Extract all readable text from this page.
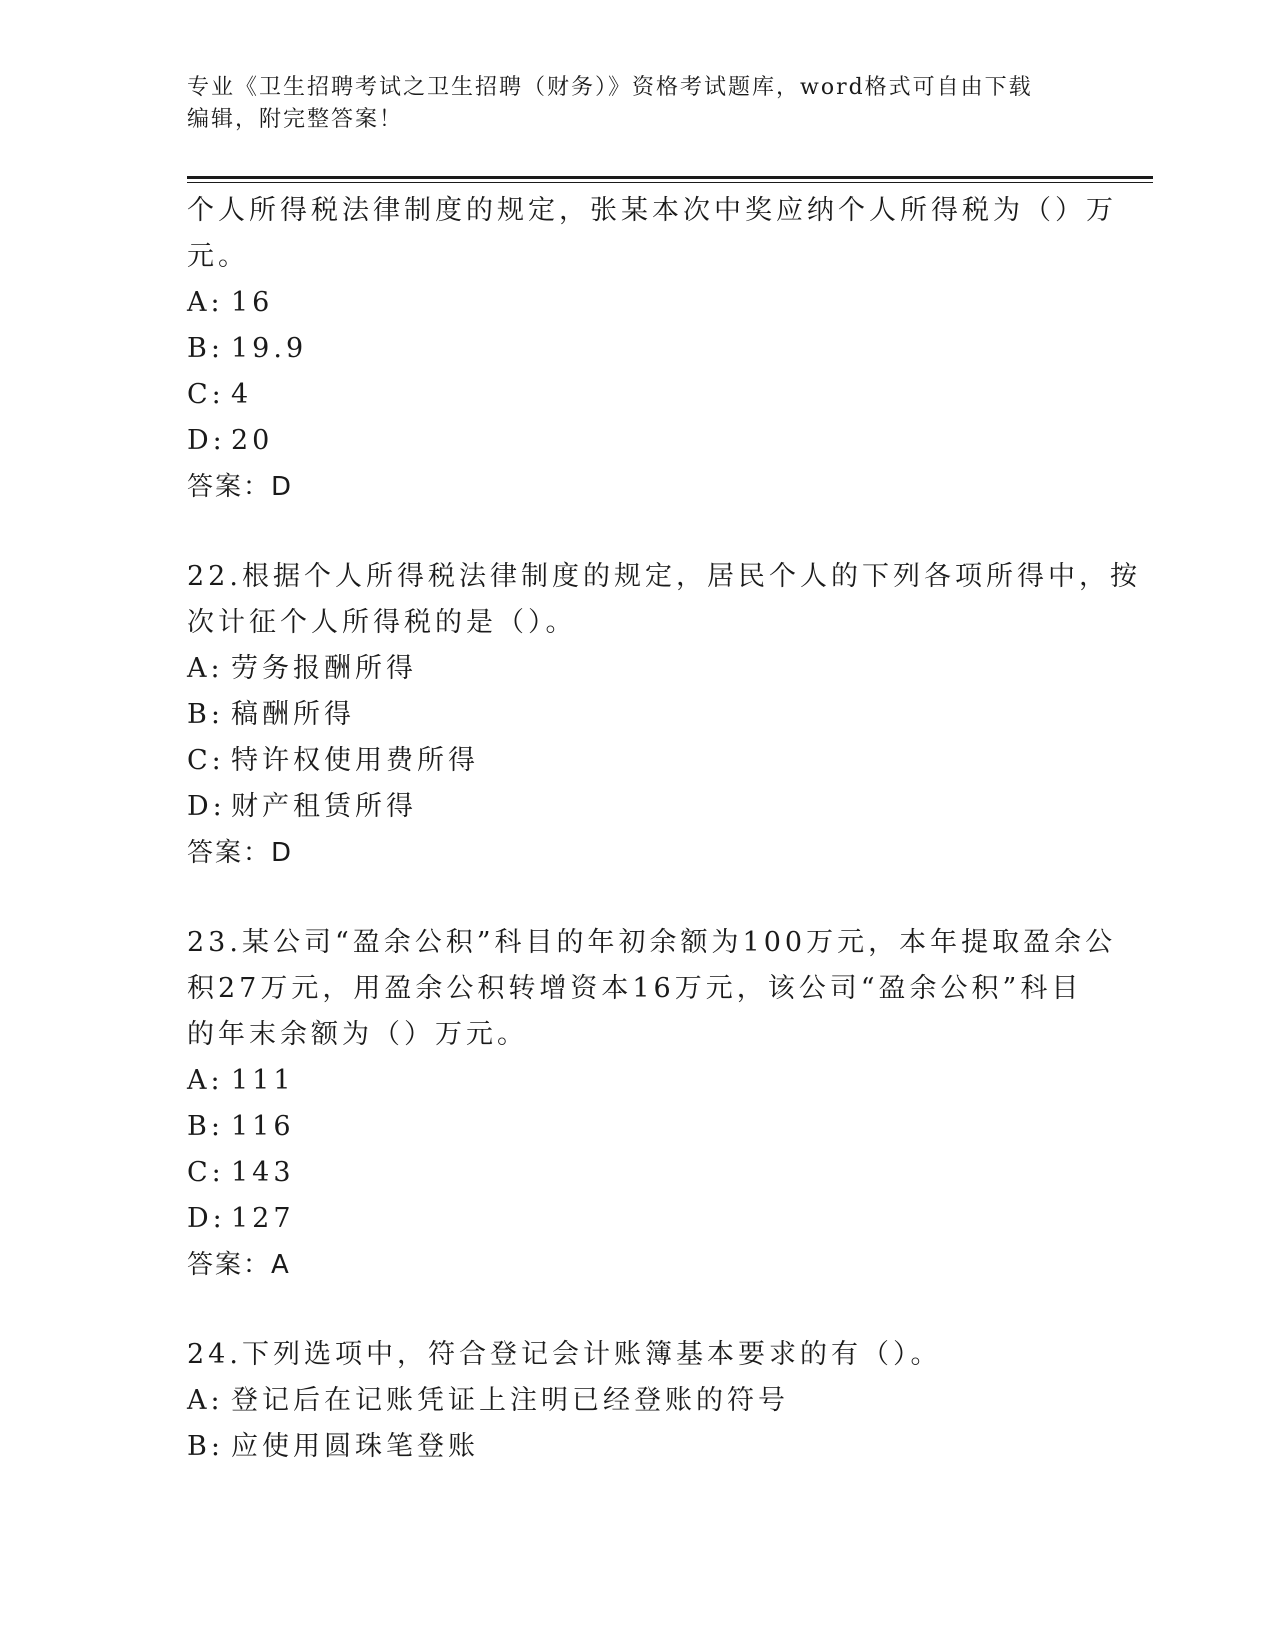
专业《卫生招聘考试之卫生招聘（财务）》资格考试题库，word格式可自由下载
编辑，附完整答案！
个人所得税法律制度的规定，张某本次中奖应纳个人所得税为（）万
元。
A: 16
B: 19.9
C: 4
D: 20
答案：D
22.根据个人所得税法律制度的规定，居民个人的下列各项所得中，按
次计征个人所得税的是（）。
A: 劳务报酬所得
B: 稿酬所得
C: 特许权使用费所得
D: 财产租赁所得
答案：D
23.某公司“盈余公积”科目的年初余额为100万元，本年提取盈余公
积27万元，用盈余公积转增资本16万元，该公司“盈余公积”科目
的年末余额为（）万元。
A: 111
B: 116
C: 143
D: 127
答案：A
24.下列选项中，符合登记会计账簿基本要求的有（）。
A: 登记后在记账凭证上注明已经登账的符号
B: 应使用圆珠笔登账
